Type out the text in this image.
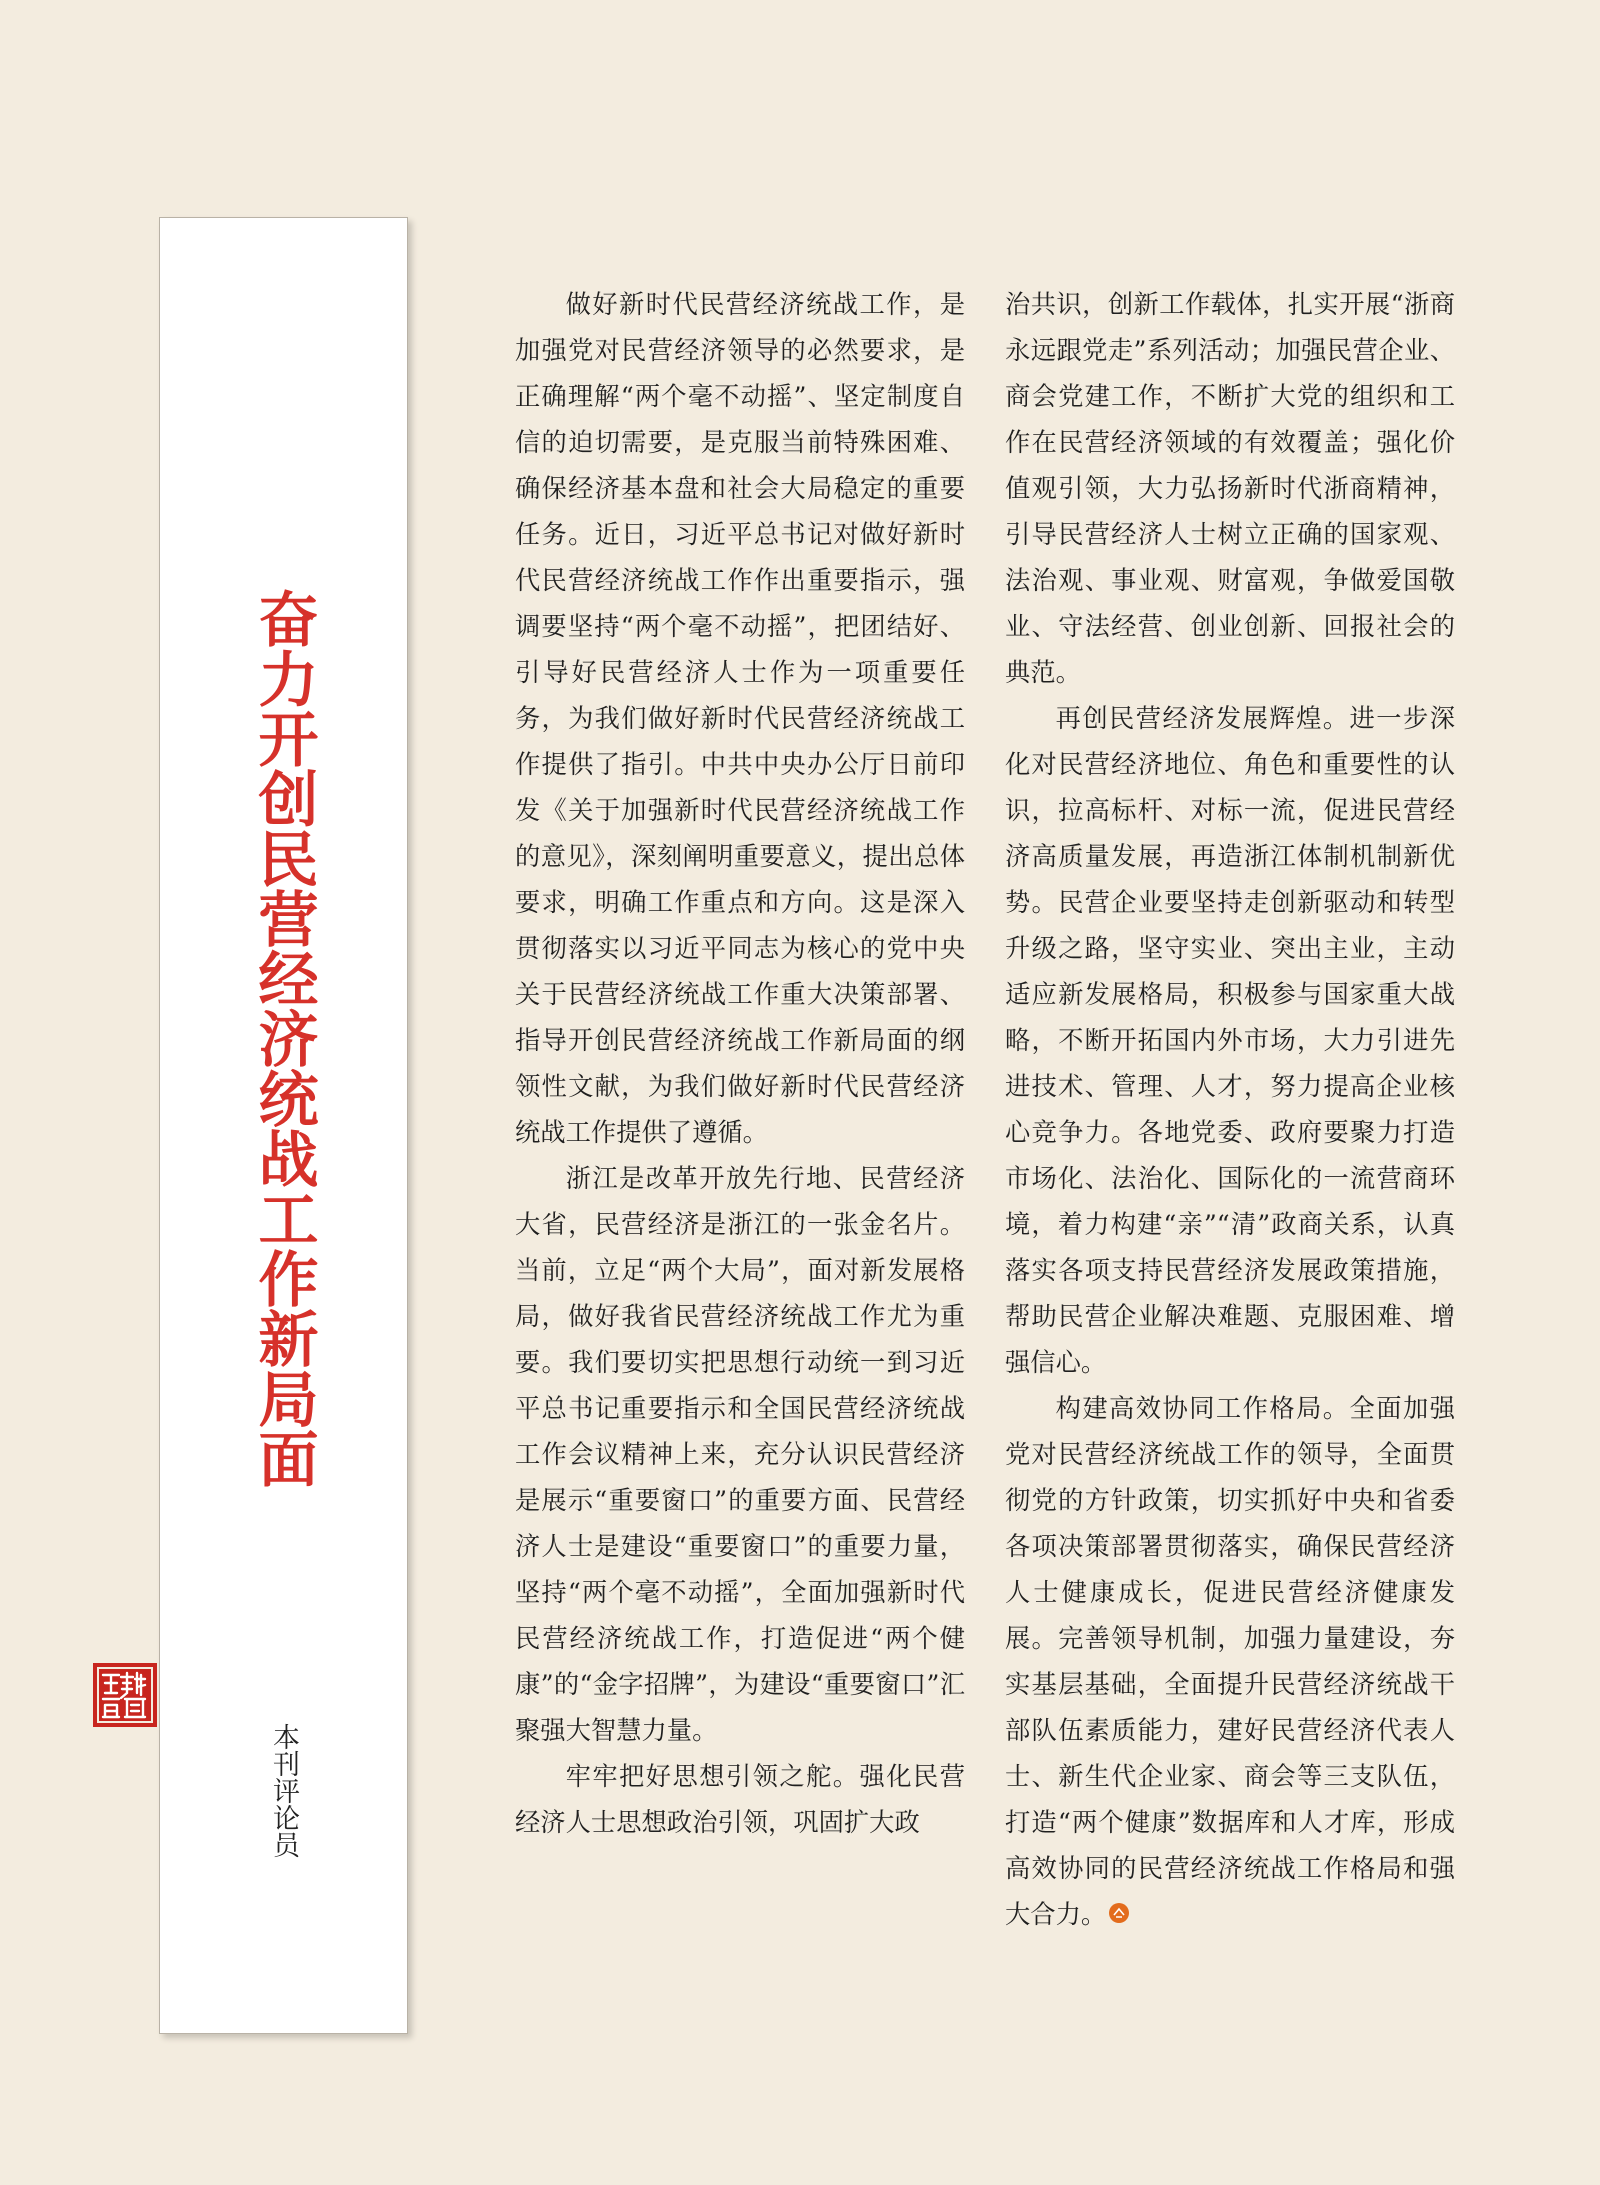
奋力开创民营经济统战工作新局面
本刊评论员

做好新时代民营经济统战工作，是加强党对民营经济领导的必然要求，是正确理解“两个毫不动摇”、坚定制度自信的迫切需要，是克服当前特殊困难、确保经济基本盘和社会大局稳定的重要任务。近日，习近平总书记对做好新时代民营经济统战工作作出重要指示，强调要坚持“两个毫不动摇”，把团结好、引导好民营经济人士作为一项重要任务，为我们做好新时代民营经济统战工作提供了指引。中共中央办公厅日前印发《关于加强新时代民营经济统战工作的意见》，深刻阐明重要意义，提出总体要求，明确工作重点和方向。这是深入贯彻落实以习近平同志为核心的党中央关于民营经济统战工作重大决策部署、指导开创民营经济统战工作新局面的纲领性文献，为我们做好新时代民营经济统战工作提供了遵循。

浙江是改革开放先行地、民营经济大省，民营经济是浙江的一张金名片。当前，立足“两个大局”，面对新发展格局，做好我省民营经济统战工作尤为重要。我们要切实把思想行动统一到习近平总书记重要指示和全国民营经济统战工作会议精神上来，充分认识民营经济是展示“重要窗口”的重要方面、民营经济人士是建设“重要窗口”的重要力量，坚持“两个毫不动摇”，全面加强新时代民营经济统战工作，打造促进“两个健康”的“金字招牌”，为建设“重要窗口”汇聚强大智慧力量。

牢牢把好思想引领之舵。强化民营经济人士思想政治引领，巩固扩大政

治共识，创新工作载体，扎实开展“浙商永远跟党走”系列活动；加强民营企业、商会党建工作，不断扩大党的组织和工作在民营经济领域的有效覆盖；强化价值观引领，大力弘扬新时代浙商精神，引导民营经济人士树立正确的国家观、法治观、事业观、财富观，争做爱国敬业、守法经营、创业创新、回报社会的典范。

再创民营经济发展辉煌。进一步深化对民营经济地位、角色和重要性的认识，拉高标杆、对标一流，促进民营经济高质量发展，再造浙江体制机制新优势。民营企业要坚持走创新驱动和转型升级之路，坚守实业、突出主业，主动适应新发展格局，积极参与国家重大战略，不断开拓国内外市场，大力引进先进技术、管理、人才，努力提高企业核心竞争力。各地党委、政府要聚力打造市场化、法治化、国际化的一流营商环境，着力构建“亲”“清”政商关系，认真落实各项支持民营经济发展政策措施，帮助民营企业解决难题、克服困难、增强信心。

构建高效协同工作格局。全面加强党对民营经济统战工作的领导，全面贯彻党的方针政策，切实抓好中央和省委各项决策部署贯彻落实，确保民营经济人士健康成长，促进民营经济健康发展。完善领导机制，加强力量建设，夯实基层基础，全面提升民营经济统战干部队伍素质能力，建好民营经济代表人士、新生代企业家、商会等三支队伍，打造“两个健康”数据库和人才库，形成高效协同的民营经济统战工作格局和强大合力。
